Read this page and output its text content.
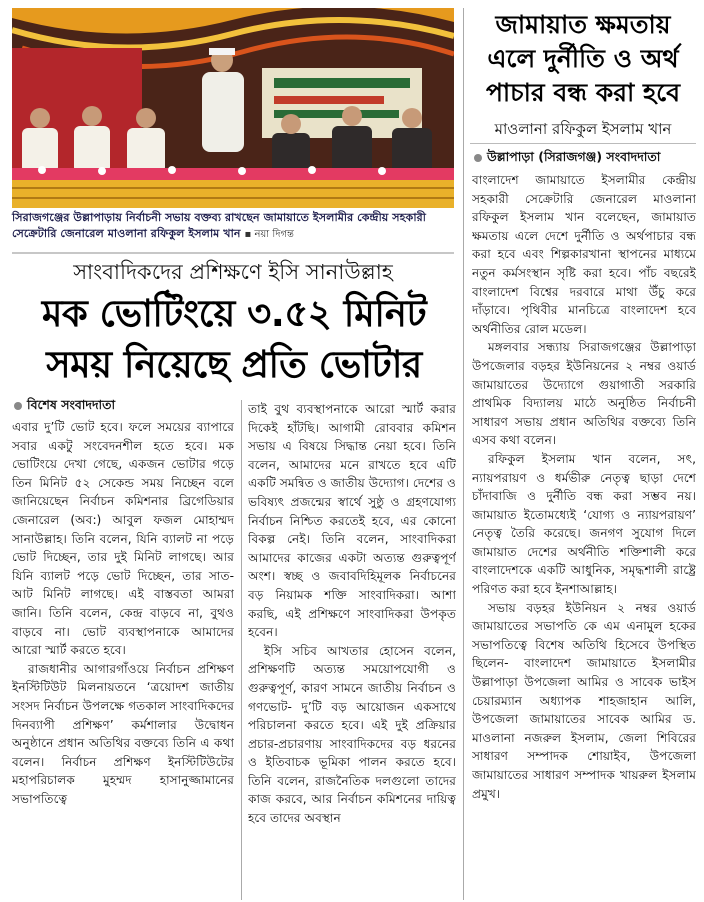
সিরাজগঞ্জের উল্লাপাড়ায় নির্বাচনী সভায় বক্তব্য রাখছেন জামায়াতে ইসলামীর কেন্দ্রীয় সহকারী সেক্রেটারি জেনারেল মাওলানা রফিকুল ইসলাম খান ▪ নয়া দিগন্ত
সাংবাদিকদের প্রশিক্ষণে ইসি সানাউল্লাহ
মক ভোটিংয়ে ৩.৫২ মিনিট
সময় নিয়েছে প্রতি ভোটার
বিশেষ সংবাদদাতা

এবার দু’টি ভোট হবে। ফলে সময়ের ব্যাপারে সবার একটু সংবেদনশীল হতে হবে। মক ভোটিংয়ে দেখা গেছে, একজন ভোটার গড়ে তিন মিনিট ৫২ সেকেন্ড সময় নিচ্ছেন বলে জানিয়েছেন নির্বাচন কমিশনার ব্রিগেডিয়ার জেনারেল (অব:) আবুল ফজল মোহাম্মদ সানাউল্লাহ। তিনি বলেন, যিনি ব্যালট না পড়ে ভোট দিচ্ছেন, তার দুই মিনিট লাগছে। আর যিনি ব্যালট পড়ে ভোট দিচ্ছেন, তার সাত-আট মিনিট লাগছে। এই বাস্তবতা আমরা জানি। তিনি বলেন, কেন্দ্র বাড়বে না, বুথও বাড়বে না। ভোট ব্যবস্থাপনাকে আমাদের আরো স্মার্ট করতে হবে।

রাজধানীর আগারগাঁওয়ে নির্বাচন প্রশিক্ষণ ইনস্টিটিউট মিলনায়তনে ‘ত্রয়োদশ জাতীয় সংসদ নির্বাচন উপলক্ষে গতকাল সাংবাদিকদের দিনব্যাপী প্রশিক্ষণ’ কর্মশালার উদ্বোধন অনুষ্ঠানে প্রধান অতিথির বক্তব্যে তিনি এ কথা বলেন। নির্বাচন প্রশিক্ষণ ইনস্টিটিউটের মহাপরিচালক মুহম্মদ হাসানুজ্জামানের সভাপতিত্বে

তাই বুথ ব্যবস্থাপনাকে আরো স্মার্ট করার দিকেই হাঁটছি। আগামী রোববার কমিশন সভায় এ বিষয়ে সিদ্ধান্ত নেয়া হবে। তিনি বলেন, আমাদের মনে রাখতে হবে এটি একটি সমন্বিত ও জাতীয় উদ্যোগ। দেশের ও ভবিষ্যৎ প্রজন্মের স্বার্থে সুষ্ঠু ও গ্রহণযোগ্য নির্বাচন নিশ্চিত করতেই হবে, এর কোনো বিকল্প নেই। তিনি বলেন, সাংবাদিকরা আমাদের কাজের একটা অত্যন্ত গুরুত্বপূর্ণ অংশ। স্বচ্ছ ও জবাবদিহিমূলক নির্বাচনের বড় নিয়ামক শক্তি সাংবাদিকরা। আশা করছি, এই প্রশিক্ষণে সাংবাদিকরা উপকৃত হবেন।

ইসি সচিব আখতার হোসেন বলেন, প্রশিক্ষণটি অত্যন্ত সময়োপযোগী ও গুরুত্বপূর্ণ, কারণ সামনে জাতীয় নির্বাচন ও গণভোট- দু’টি বড় আয়োজন একসাথে পরিচালনা করতে হবে। এই দুই প্রক্রিয়ার প্রচার-প্রচারণায় সাংবাদিকদের বড় ধরনের ও ইতিবাচক ভূমিকা পালন করতে হবে। তিনি বলেন, রাজনৈতিক দলগুলো তাদের কাজ করবে, আর নির্বাচন কমিশনের দায়িত্ব হবে তাদের অবস্থান

জামায়াত ক্ষমতায় এলে দুর্নীতি ও অর্থ পাচার বন্ধ করা হবে
মাওলানা রফিকুল ইসলাম খান
উল্লাপাড়া (সিরাজগঞ্জ) সংবাদদাতা

বাংলাদেশ জামায়াতে ইসলামীর কেন্দ্রীয় সহকারী সেক্রেটারি জেনারেল মাওলানা রফিকুল ইসলাম খান বলেছেন, জামায়াত ক্ষমতায় এলে দেশে দুর্নীতি ও অর্থপাচার বন্ধ করা হবে এবং শিল্পকারখানা স্থাপনের মাধ্যমে নতুন কর্মসংস্থান সৃষ্টি করা হবে। পাঁচ বছরেই বাংলাদেশ বিশ্বের দরবারে মাথা উঁচু করে দাঁড়াবে। পৃথিবীর মানচিত্রে বাংলাদেশ হবে অর্থনীতির রোল মডেল।

মঙ্গলবার সন্ধ্যায় সিরাজগঞ্জের উল্লাপাড়া উপজেলার বড়হর ইউনিয়নের ২ নম্বর ওয়ার্ড জামায়াতের উদ্যোগে গুয়াগাতী সরকারি প্রাথমিক বিদ্যালয় মাঠে অনুষ্ঠিত নির্বাচনী সাধারণ সভায় প্রধান অতিথির বক্তব্যে তিনি এসব কথা বলেন।

রফিকুল ইসলাম খান বলেন, সৎ, ন্যায়পরায়ণ ও ধর্মভীরু নেতৃত্ব ছাড়া দেশে চাঁদাবাজি ও দুর্নীতি বন্ধ করা সম্ভব নয়। জামায়াত ইতোমধ্যেই ‘যোগ্য ও ন্যায়পরায়ণ’ নেতৃত্ব তৈরি করেছে। জনগণ সুযোগ দিলে জামায়াত দেশের অর্থনীতি শক্তিশালী করে বাংলাদেশকে একটি আধুনিক, সমৃদ্ধশালী রাষ্ট্রে পরিণত করা হবে ইনশাআল্লাহ।

সভায় বড়হর ইউনিয়ন ২ নম্বর ওয়ার্ড জামায়াতের সভাপতি কে এম এনামুল হকের সভাপতিত্বে বিশেষ অতিথি হিসেবে উপস্থিত ছিলেন- বাংলাদেশ জামায়াতে ইসলামীর উল্লাপাড়া উপজেলা আমির ও সাবেক ভাইস চেয়ারম্যান অধ্যাপক শাহজাহান আলি, উপজেলা জামায়াতের সাবেক আমির ড. মাওলানা নজরুল ইসলাম, জেলা শিবিরের সাধারণ সম্পাদক শোয়াইব, উপজেলা জামায়াতের সাধারণ সম্পাদক খায়রুল ইসলাম প্রমুখ।
